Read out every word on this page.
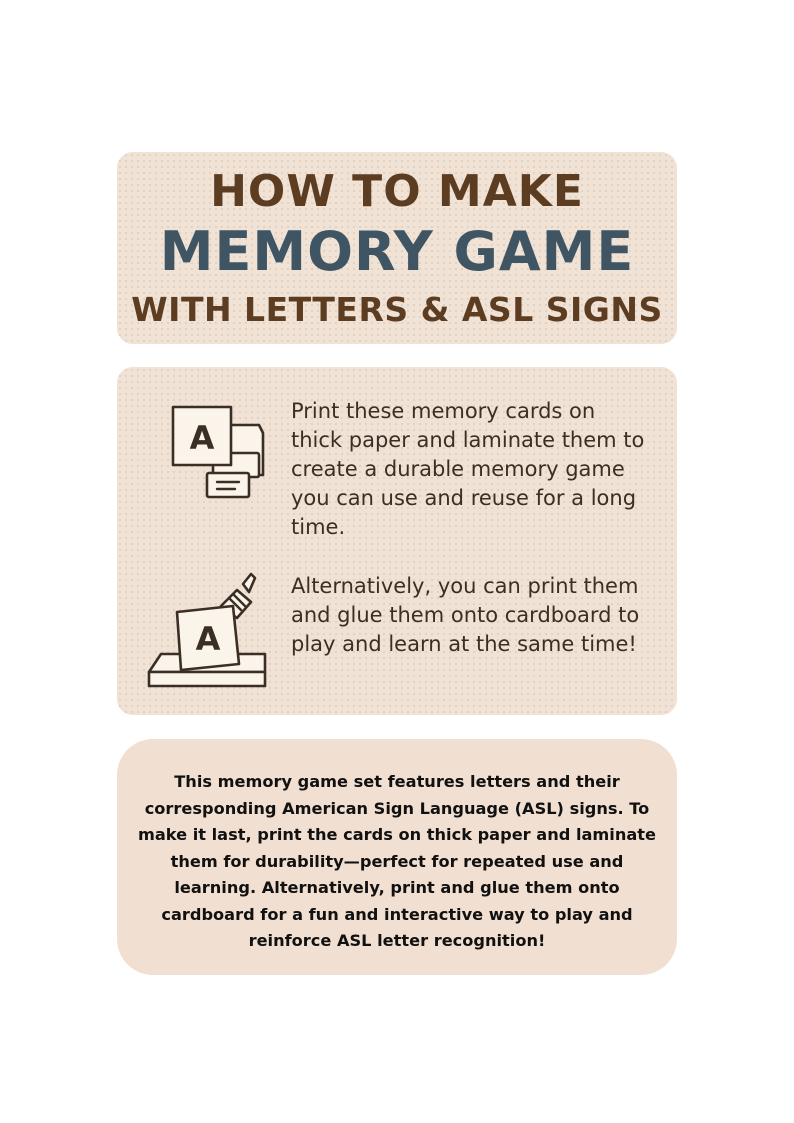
HOW TO MAKE
MEMORY GAME
WITH LETTERS & ASL SIGNS
A

Print these memory cards on thick paper and laminate them to create a durable memory game you can use and reuse for a long time.

A

Alternatively, you can print them and glue them onto cardboard to play and learn at the same time!

This memory game set features letters and their corresponding American Sign Language (ASL) signs. To make it last, print the cards on thick paper and laminate them for durability—perfect for repeated use and learning. Alternatively, print and glue them onto cardboard for a fun and interactive way to play and reinforce ASL letter recognition!
